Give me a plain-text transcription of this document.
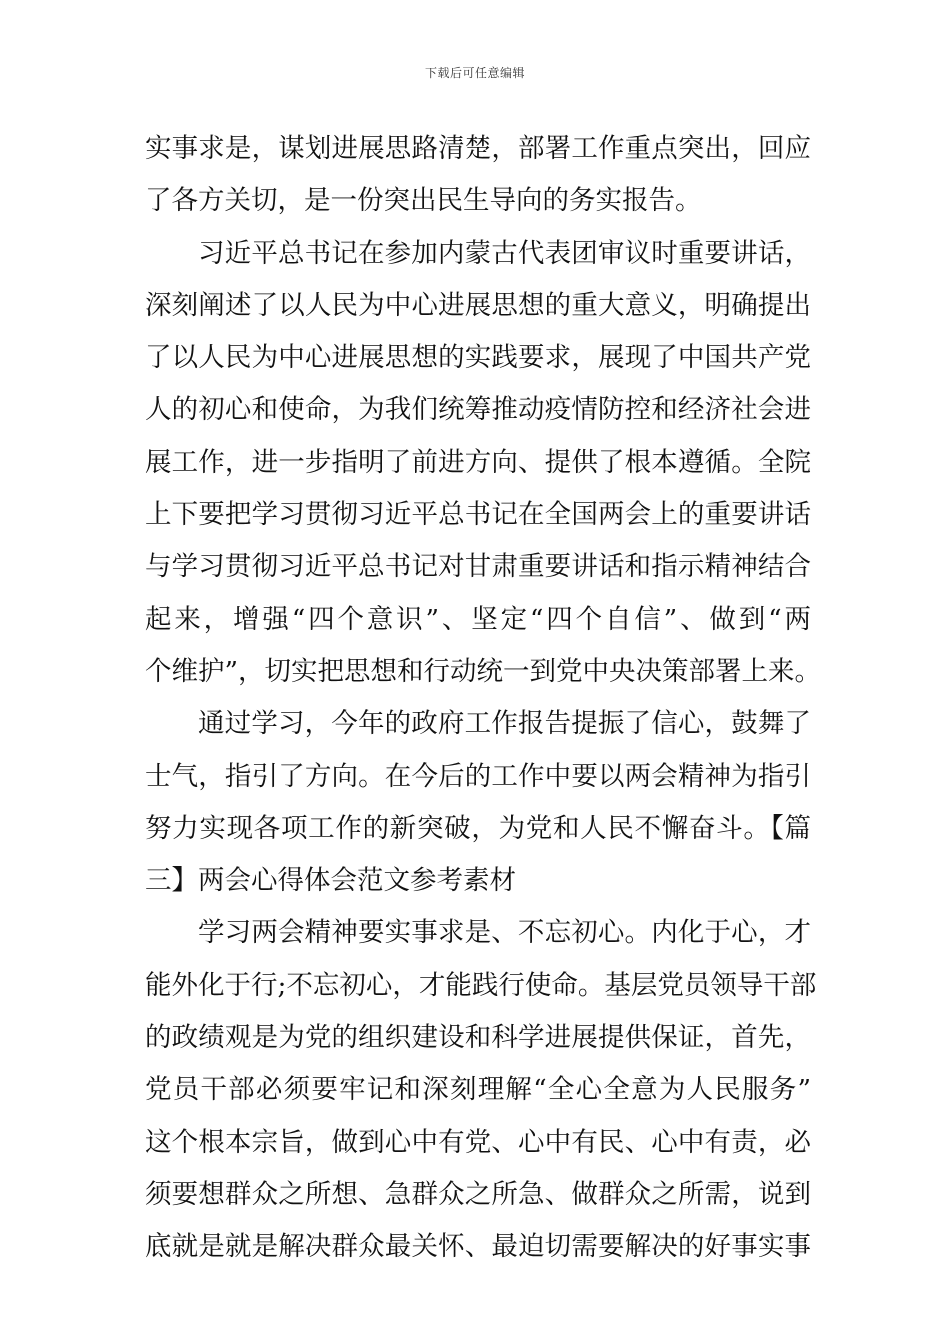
下载后可任意编辑
实事求是，谋划进展思路清楚，部署工作重点突出，回应
了各方关切，是一份突出民生导向的务实报告。
习近平总书记在参加内蒙古代表团审议时重要讲话，
深刻阐述了以人民为中心进展思想的重大意义，明确提出
了以人民为中心进展思想的实践要求，展现了中国共产党
人的初心和使命，为我们统筹推动疫情防控和经济社会进
展工作，进一步指明了前进方向、提供了根本遵循。全院
上下要把学习贯彻习近平总书记在全国两会上的重要讲话
与学习贯彻习近平总书记对甘肃重要讲话和指示精神结合
起来，增强“四个意识”、坚定“四个自信”、做到“两
个维护”，切实把思想和行动统一到党中央决策部署上来。
通过学习，今年的政府工作报告提振了信心，鼓舞了
士气，指引了方向。在今后的工作中要以两会精神为指引
努力实现各项工作的新突破，为党和人民不懈奋斗。【篇
三】两会心得体会范文参考素材
学习两会精神要实事求是、不忘初心。内化于心，才
能外化于行;不忘初心，才能践行使命。基层党员领导干部
的政绩观是为党的组织建设和科学进展提供保证，首先，
党员干部必须要牢记和深刻理解“全心全意为人民服务”
这个根本宗旨，做到心中有党、心中有民、心中有责，必
须要想群众之所想、急群众之所急、做群众之所需，说到
底就是就是解决群众最关怀、最迫切需要解决的好事实事
